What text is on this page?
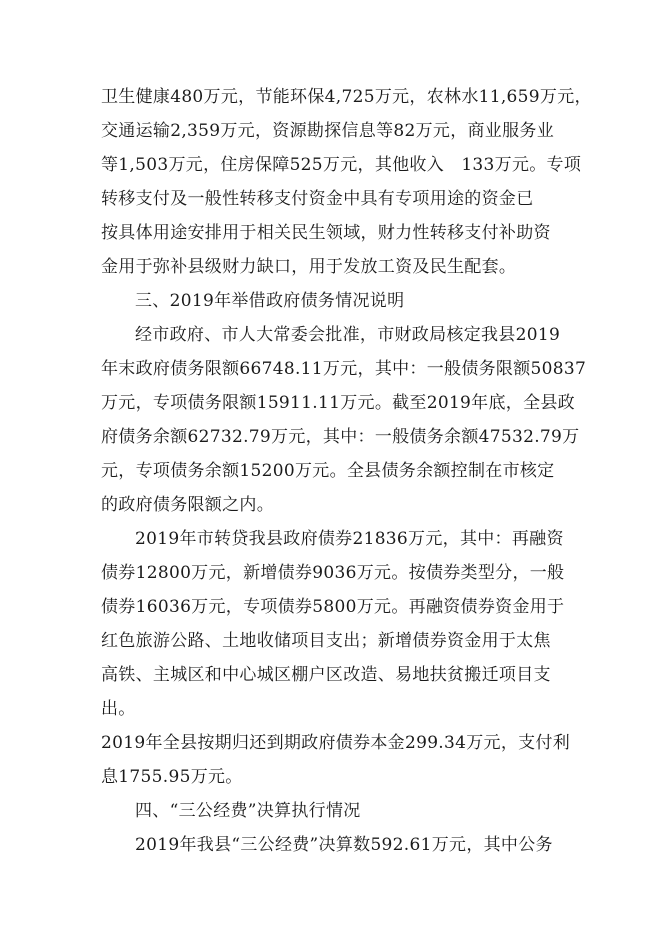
卫生健康480万元，节能环保4,725万元，农林水11,659万元，
交通运输2,359万元，资源勘探信息等82万元，商业服务业
等1,503万元，住房保障525万元，其他收入　133万元。专项
转移支付及一般性转移支付资金中具有专项用途的资金已
按具体用途安排用于相关民生领域，财力性转移支付补助资
金用于弥补县级财力缺口，用于发放工资及民生配套。
三、2019年举借政府债务情况说明
经市政府、市人大常委会批准，市财政局核定我县2019
年末政府债务限额66748.11万元，其中：一般债务限额50837
万元，专项债务限额15911.11万元。截至2019年底，全县政
府债务余额62732.79万元，其中：一般债务余额47532.79万
元，专项债务余额15200万元。全县债务余额控制在市核定
的政府债务限额之内。
2019年市转贷我县政府债券21836万元，其中：再融资
债券12800万元，新增债券9036万元。按债券类型分，一般
债券16036万元，专项债券5800万元。再融资债券资金用于
红色旅游公路、土地收储项目支出；新增债券资金用于太焦
高铁、主城区和中心城区棚户区改造、易地扶贫搬迁项目支
出。
2019年全县按期归还到期政府债券本金299.34万元，支付利
息1755.95万元。
四、“三公经费”决算执行情况
2019年我县“三公经费”决算数592.61万元，其中公务
